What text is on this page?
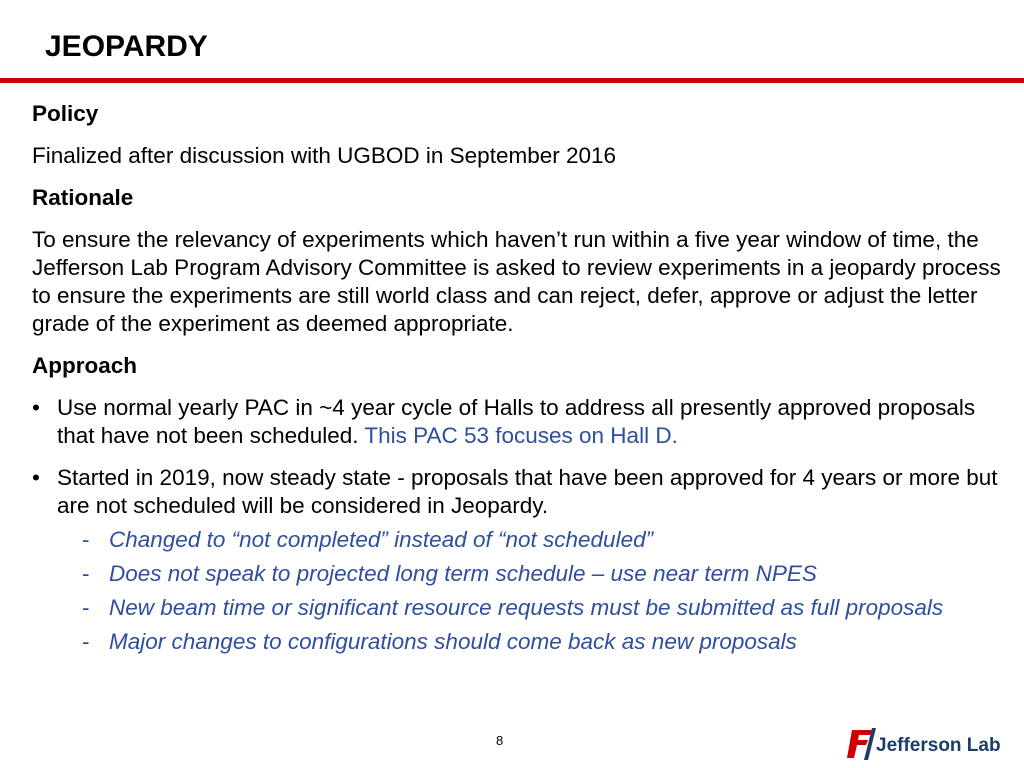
JEOPARDY
Policy
Finalized after discussion with UGBOD in September 2016
Rationale
To ensure the relevancy of experiments which haven’t run within a five year window of time, the Jefferson Lab Program Advisory Committee is asked to review experiments in a jeopardy process to ensure the experiments are still world class and can reject, defer, approve or adjust the letter grade of the experiment as deemed appropriate.
Approach
• Use normal yearly PAC in ~4 year cycle of Halls to address all presently approved proposals that have not been scheduled. This PAC 53 focuses on Hall D.
• Started in 2019, now steady state - proposals that have been approved for 4 years or more but are not scheduled will be considered in Jeopardy.
- Changed to “not completed” instead of “not scheduled”
- Does not speak to projected long term schedule – use near term NPES
- New beam time or significant resource requests must be submitted as full proposals
- Major changes to configurations should come back as new proposals
8	Jefferson Lab
